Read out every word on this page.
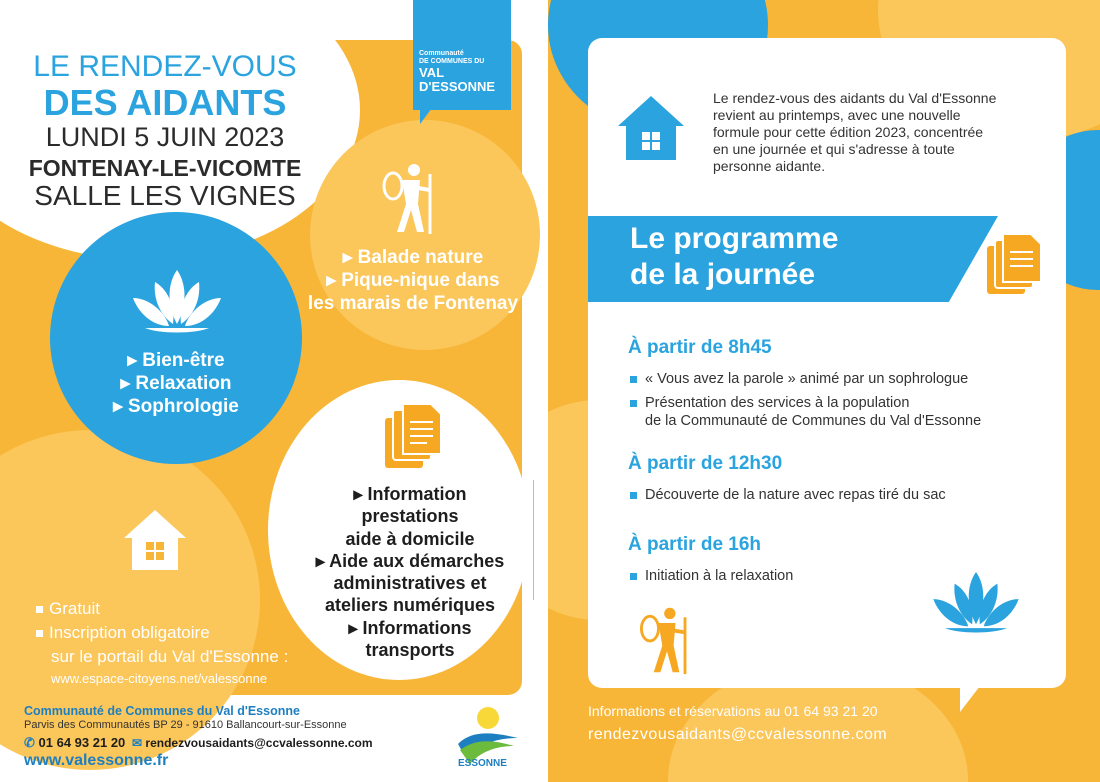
LE RENDEZ-VOUS
DES AIDANTS
LUNDI 5 JUIN 2023
FONTENAY-LE-VICOMTE
SALLE LES VIGNES
Communauté
DE COMMUNES DU
VAL
D'ESSONNE
▸ Balade nature
▸ Pique-nique dans
les marais de Fontenay
▸ Bien-être
▸ Relaxation
▸ Sophrologie
▸ Information
prestations
aide à domicile
▸ Aide aux démarches
administratives et
ateliers numériques
▸ Informations
transports
Gratuit
Inscription obligatoire
sur le portail du Val d'Essonne :
www.espace-citoyens.net/valessonne
Communauté de Communes du Val d'Essonne
Parvis des Communautés BP 29 - 91610 Ballancourt-sur-Essonne
✆ 01 64 93 21 20 ✉ rendezvousaidants@ccvalessonne.com
www.valessonne.fr	ESSONNE
Le rendez-vous des aidants du Val d'Essonne
revient au printemps, avec une nouvelle
formule pour cette édition 2023, concentrée
en une journée et qui s'adresse à toute
personne aidante.
Le programme
de la journée
À partir de 8h45
« Vous avez la parole » animé par un sophrologue
Présentation des services à la population
de la Communauté de Communes du Val d'Essonne
À partir de 12h30
Découverte de la nature avec repas tiré du sac
À partir de 16h
Initiation à la relaxation
Informations et réservations au 01 64 93 21 20
rendezvousaidants@ccvalessonne.com
